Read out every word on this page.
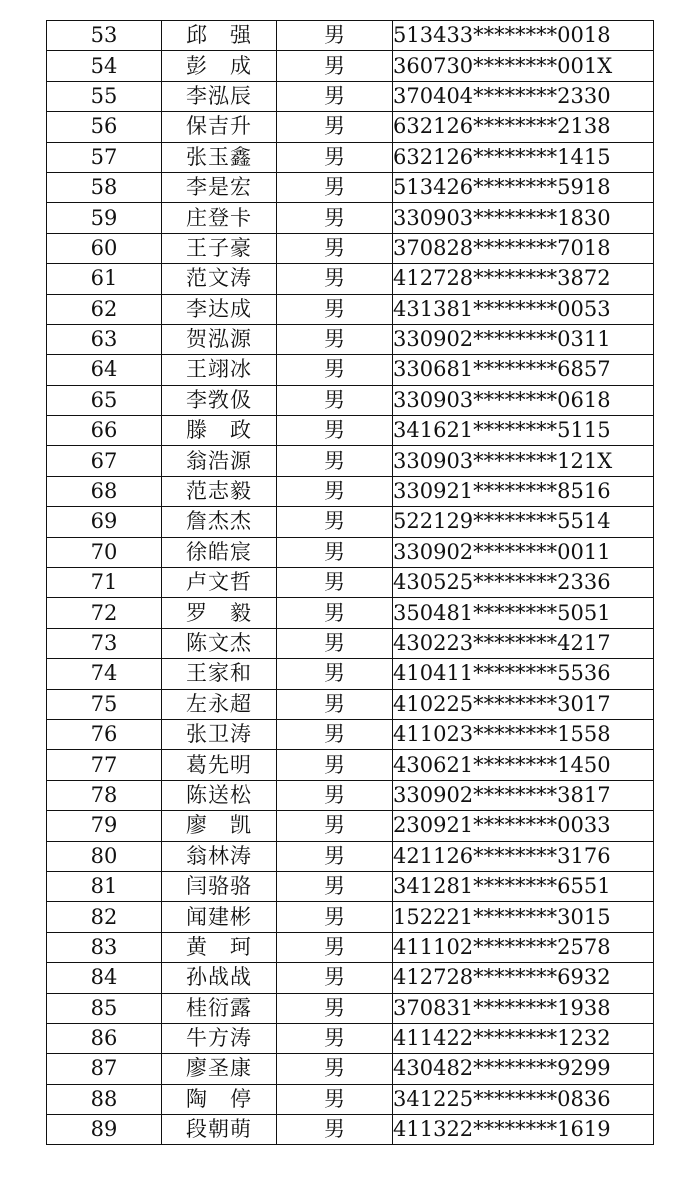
53	邱　强	男	513433********0018
54	彭　成	男	360730********001X
55	李泓辰	男	370404********2330
56	保吉升	男	632126********2138
57	张玉鑫	男	632126********1415
58	李是宏	男	513426********5918
59	庄登卡	男	330903********1830
60	王子豪	男	370828********7018
61	范文涛	男	412728********3872
62	李达成	男	431381********0053
63	贺泓源	男	330902********0311
64	王翊冰	男	330681********6857
65	李敩伋	男	330903********0618
66	滕　政	男	341621********5115
67	翁浩源	男	330903********121X
68	范志毅	男	330921********8516
69	詹杰杰	男	522129********5514
70	徐皓宸	男	330902********0011
71	卢文哲	男	430525********2336
72	罗　毅	男	350481********5051
73	陈文杰	男	430223********4217
74	王家和	男	410411********5536
75	左永超	男	410225********3017
76	张卫涛	男	411023********1558
77	葛先明	男	430621********1450
78	陈送松	男	330902********3817
79	廖　凯	男	230921********0033
80	翁林涛	男	421126********3176
81	闫骆骆	男	341281********6551
82	闻建彬	男	152221********3015
83	黄　珂	男	411102********2578
84	孙战战	男	412728********6932
85	桂衍露	男	370831********1938
86	牛方涛	男	411422********1232
87	廖圣康	男	430482********9299
88	陶　停	男	341225********0836
89	段朝萌	男	411322********1619
